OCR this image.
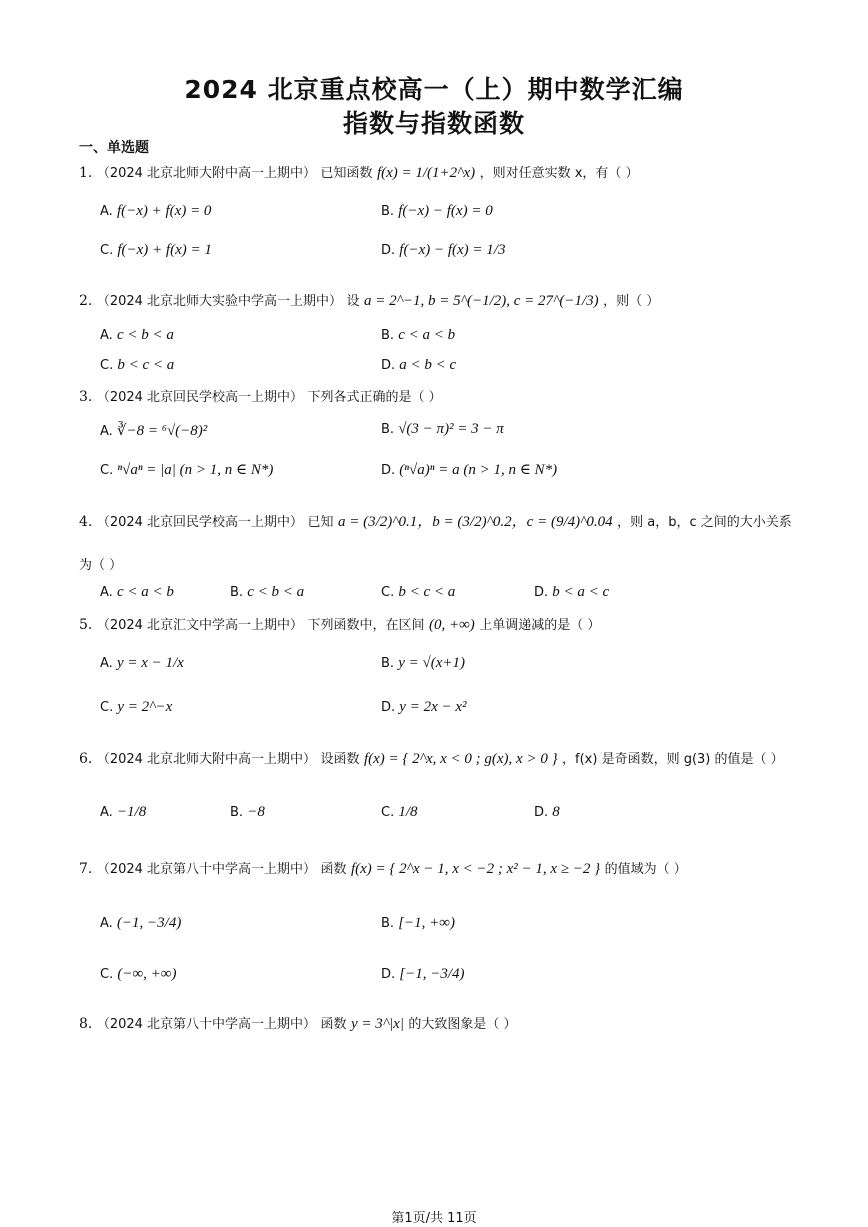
2024 北京重点校高一（上）期中数学汇编
指数与指数函数
一、单选题
1. （2024 北京北师大附中高一上期中） 已知函数 f(x) = 1/(1+2^x) ，则对任意实数 x，有（ ）
A. f(−x) + f(x) = 0	B. f(−x) − f(x) = 0
C. f(−x) + f(x) = 1	D. f(−x) − f(x) = 1/3
2. （2024 北京北师大实验中学高一上期中） 设 a = 2^−1, b = 5^(−1/2), c = 27^(−1/3) ，则（ ）
A. c < b < a	B. c < a < b
C. b < c < a	D. a < b < c
3. （2024 北京回民学校高一上期中） 下列各式正确的是（ ）
A. ∛−8 = ⁶√(−8)²	B. √(3 − π)² = 3 − π
C. ⁿ√aⁿ = |a| (n > 1, n ∈ N*)	D. (ⁿ√a)ⁿ = a (n > 1, n ∈ N*)
4. （2024 北京回民学校高一上期中） 已知 a = (3/2)^0.1，b = (3/2)^0.2，c = (9/4)^0.04 ，则 a，b，c 之间的大小关系
为（ ）
A. c < a < b	B. c < b < a	C. b < c < a	D. b < a < c
5. （2024 北京汇文中学高一上期中） 下列函数中，在区间 (0, +∞) 上单调递减的是（ ）
A. y = x − 1/x	B. y = √(x+1)
C. y = 2^−x	D. y = 2x − x²
6. （2024 北京北师大附中高一上期中） 设函数 f(x) = { 2^x, x < 0 ; g(x), x > 0 } ，f(x) 是奇函数，则 g(3) 的值是（ ）
A. −1/8	B. −8	C. 1/8	D. 8
7. （2024 北京第八十中学高一上期中） 函数 f(x) = { 2^x − 1, x < −2 ; x² − 1, x ≥ −2 } 的值域为（ ）
A. (−1, −3/4)	B. [−1, +∞)
C. (−∞, +∞)	D. [−1, −3/4)
8. （2024 北京第八十中学高一上期中） 函数 y = 3^|x| 的大致图象是（ ）
第1页/共 11页
